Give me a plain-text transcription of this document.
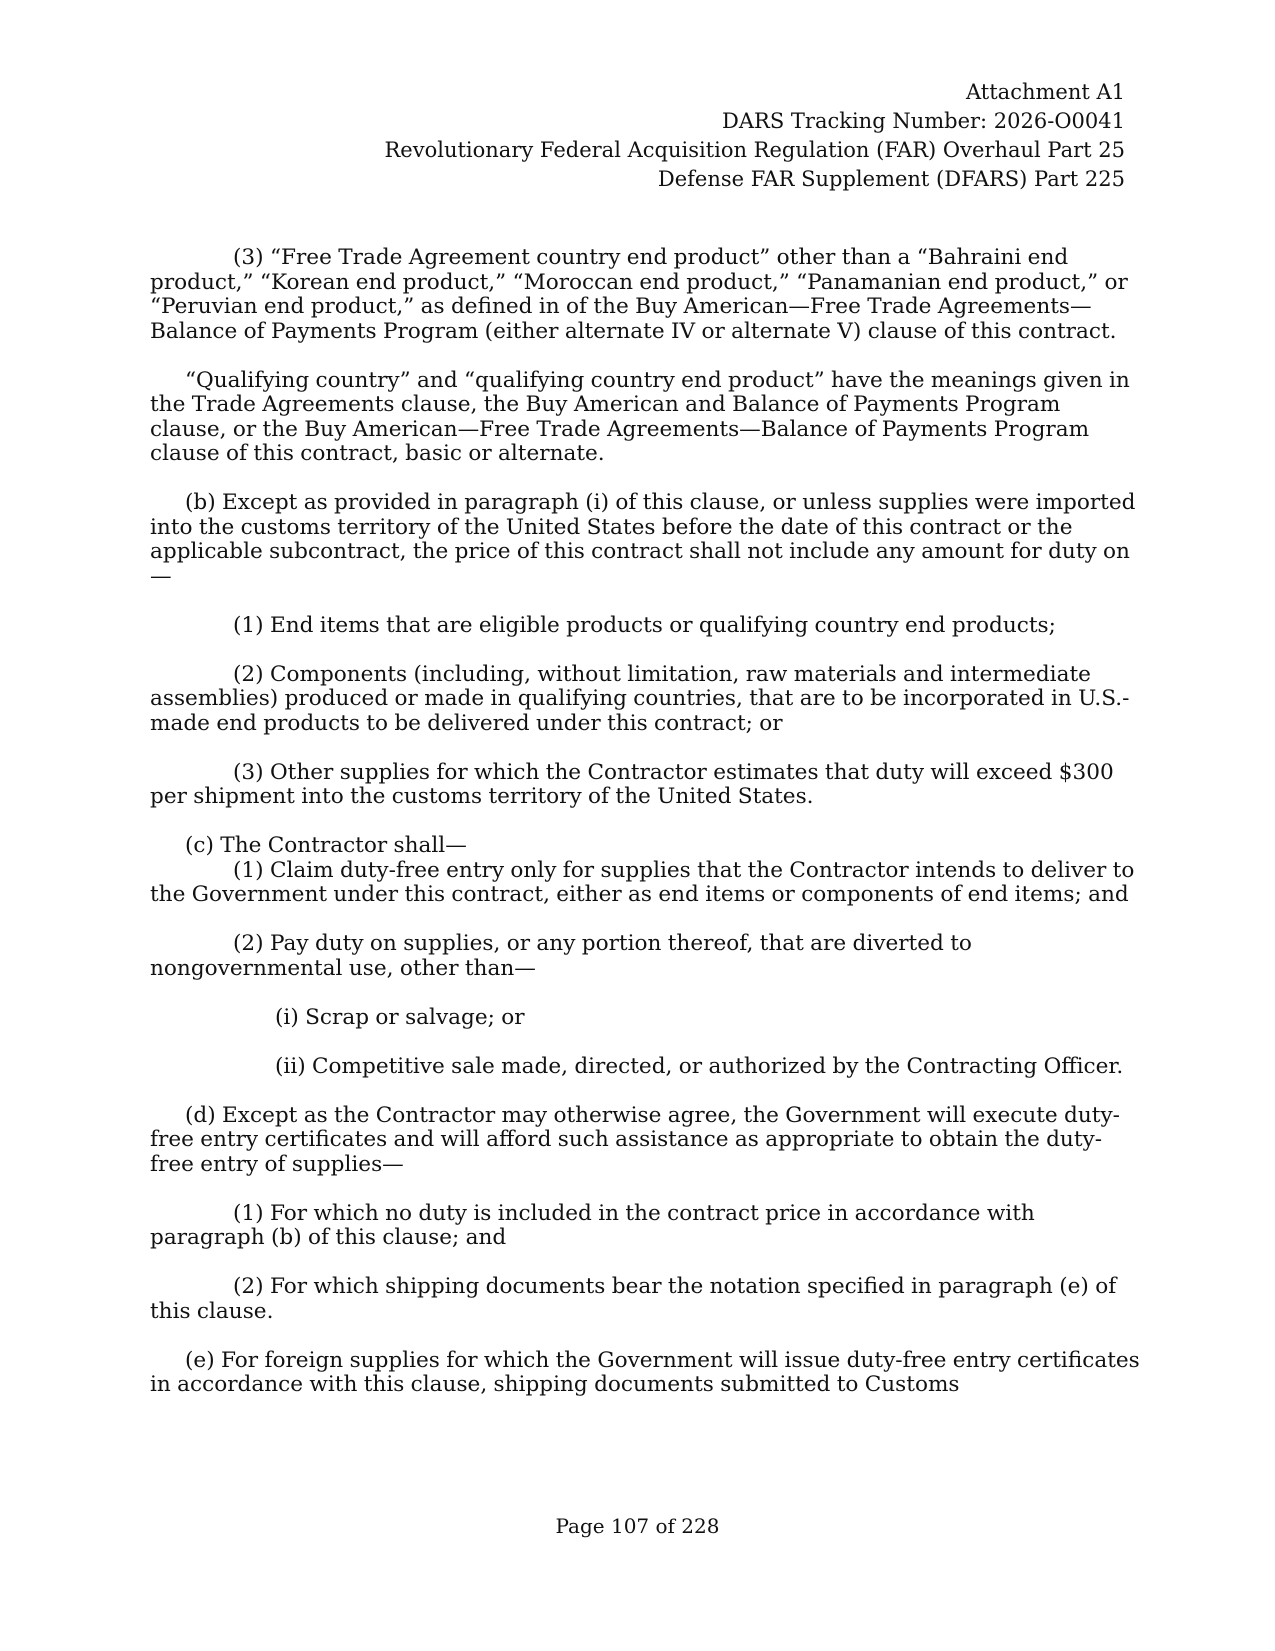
Attachment A1
DARS Tracking Number: 2026-O0041
Revolutionary Federal Acquisition Regulation (FAR) Overhaul Part 25
Defense FAR Supplement (DFARS) Part 225

(3) “Free Trade Agreement country end product” other than a “Bahraini end product,” “Korean end product,” “Moroccan end product,” “Panamanian end product,” or “Peruvian end product,” as defined in of the Buy American—Free Trade Agreements—Balance of Payments Program (either alternate IV or alternate V) clause of this contract.

“Qualifying country” and “qualifying country end product” have the meanings given in the Trade Agreements clause, the Buy American and Balance of Payments Program clause, or the Buy American—Free Trade Agreements—Balance of Payments Program clause of this contract, basic or alternate.

(b) Except as provided in paragraph (i) of this clause, or unless supplies were imported into the customs territory of the United States before the date of this contract or the applicable subcontract, the price of this contract shall not include any amount for duty on—

(1) End items that are eligible products or qualifying country end products;

(2) Components (including, without limitation, raw materials and intermediate assemblies) produced or made in qualifying countries, that are to be incorporated in U.S.- made end products to be delivered under this contract; or

(3) Other supplies for which the Contractor estimates that duty will exceed $300 per shipment into the customs territory of the United States.

(c) The Contractor shall—

(1) Claim duty-free entry only for supplies that the Contractor intends to deliver to the Government under this contract, either as end items or components of end items; and

(2) Pay duty on supplies, or any portion thereof, that are diverted to nongovernmental use, other than—

(i) Scrap or salvage; or

(ii) Competitive sale made, directed, or authorized by the Contracting Officer.

(d) Except as the Contractor may otherwise agree, the Government will execute duty-free entry certificates and will afford such assistance as appropriate to obtain the duty-free entry of supplies—

(1) For which no duty is included in the contract price in accordance with paragraph (b) of this clause; and

(2) For which shipping documents bear the notation specified in paragraph (e) of this clause.

(e) For foreign supplies for which the Government will issue duty-free entry certificates in accordance with this clause, shipping documents submitted to Customs

Page 107 of 228
